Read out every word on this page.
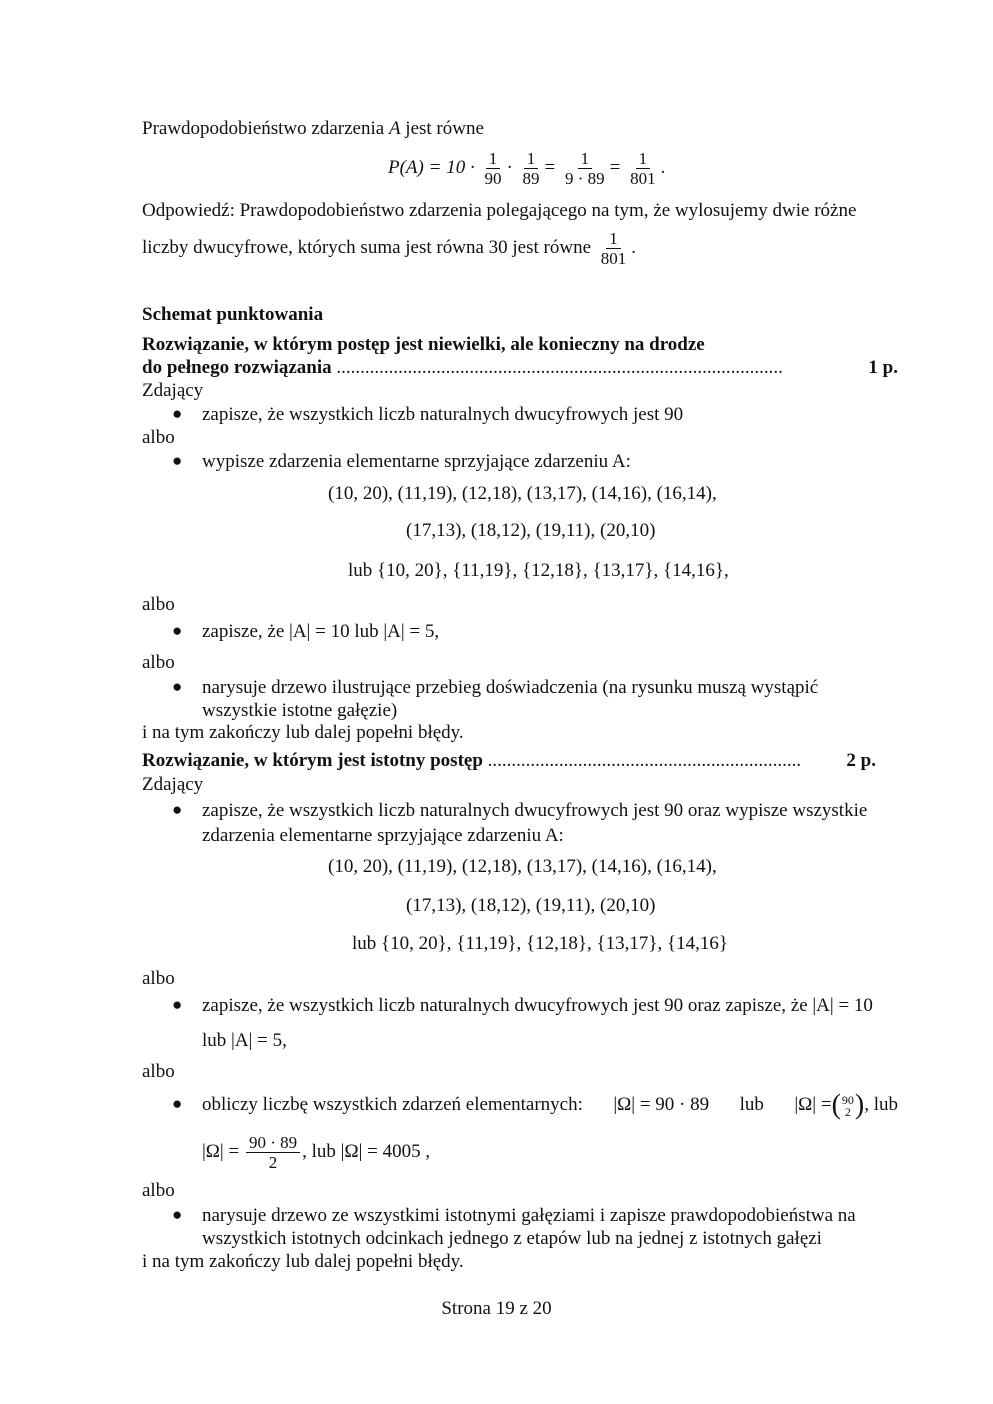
Prawdopodobieństwo zdarzenia A jest równe
$P(A) = 10 \cdot \frac{1}{90} \cdot \frac{1}{89} = \frac{1}{9 \cdot 89} = \frac{1}{801}$ .
Odpowiedź: Prawdopodobieństwo zdarzenia polegającego na tym, że wylosujemy dwie różne
liczby dwucyfrowe, których suma jest równa 30 jest równe $\frac{1}{801}$ .
Schemat punktowania
Rozwiązanie, w którym postęp jest niewielki, ale konieczny na drodze
do pełnego rozwiązania ..............................................................................................	1 p.
Zdający
● zapisze, że wszystkich liczb naturalnych dwucyfrowych jest 90
albo
● wypisze zdarzenia elementarne sprzyjające zdarzeniu A:
(10, 20), (11,19), (12,18), (13,17), (14,16), (16,14),
(17,13), (18,12), (19,11), (20,10)
lub {10, 20}, {11,19}, {12,18}, {13,17}, {14,16},
albo
● zapisze, że |A| = 10 lub |A| = 5,
albo
● narysuje drzewo ilustrujące przebieg doświadczenia (na rysunku muszą wystąpić
wszystkie istotne gałęzie)
i na tym zakończy lub dalej popełni błędy.
Rozwiązanie, w którym jest istotny postęp .................................................................. 2 p.
Zdający
● zapisze, że wszystkich liczb naturalnych dwucyfrowych jest 90 oraz wypisze wszystkie
zdarzenia elementarne sprzyjające zdarzeniu A:
(10, 20), (11,19), (12,18), (13,17), (14,16), (16,14),
(17,13), (18,12), (19,11), (20,10)
lub {10, 20}, {11,19}, {12,18}, {13,17}, {14,16}
albo
● zapisze, że wszystkich liczb naturalnych dwucyfrowych jest 90 oraz zapisze, że |A| = 10
lub |A| = 5,
albo
● obliczy liczbę wszystkich zdarzeń elementarnych: |Ω| = 90 · 89 lub |Ω| =( 90
2 ), lub
$|\Omega| = \frac{90 \cdot 89}{2}$ , lub |Ω| = 4005 ,
albo
● narysuje drzewo ze wszystkimi istotnymi gałęziami i zapisze prawdopodobieństwa na
wszystkich istotnych odcinkach jednego z etapów lub na jednej z istotnych gałęzi
i na tym zakończy lub dalej popełni błędy.
Strona 19 z 20
